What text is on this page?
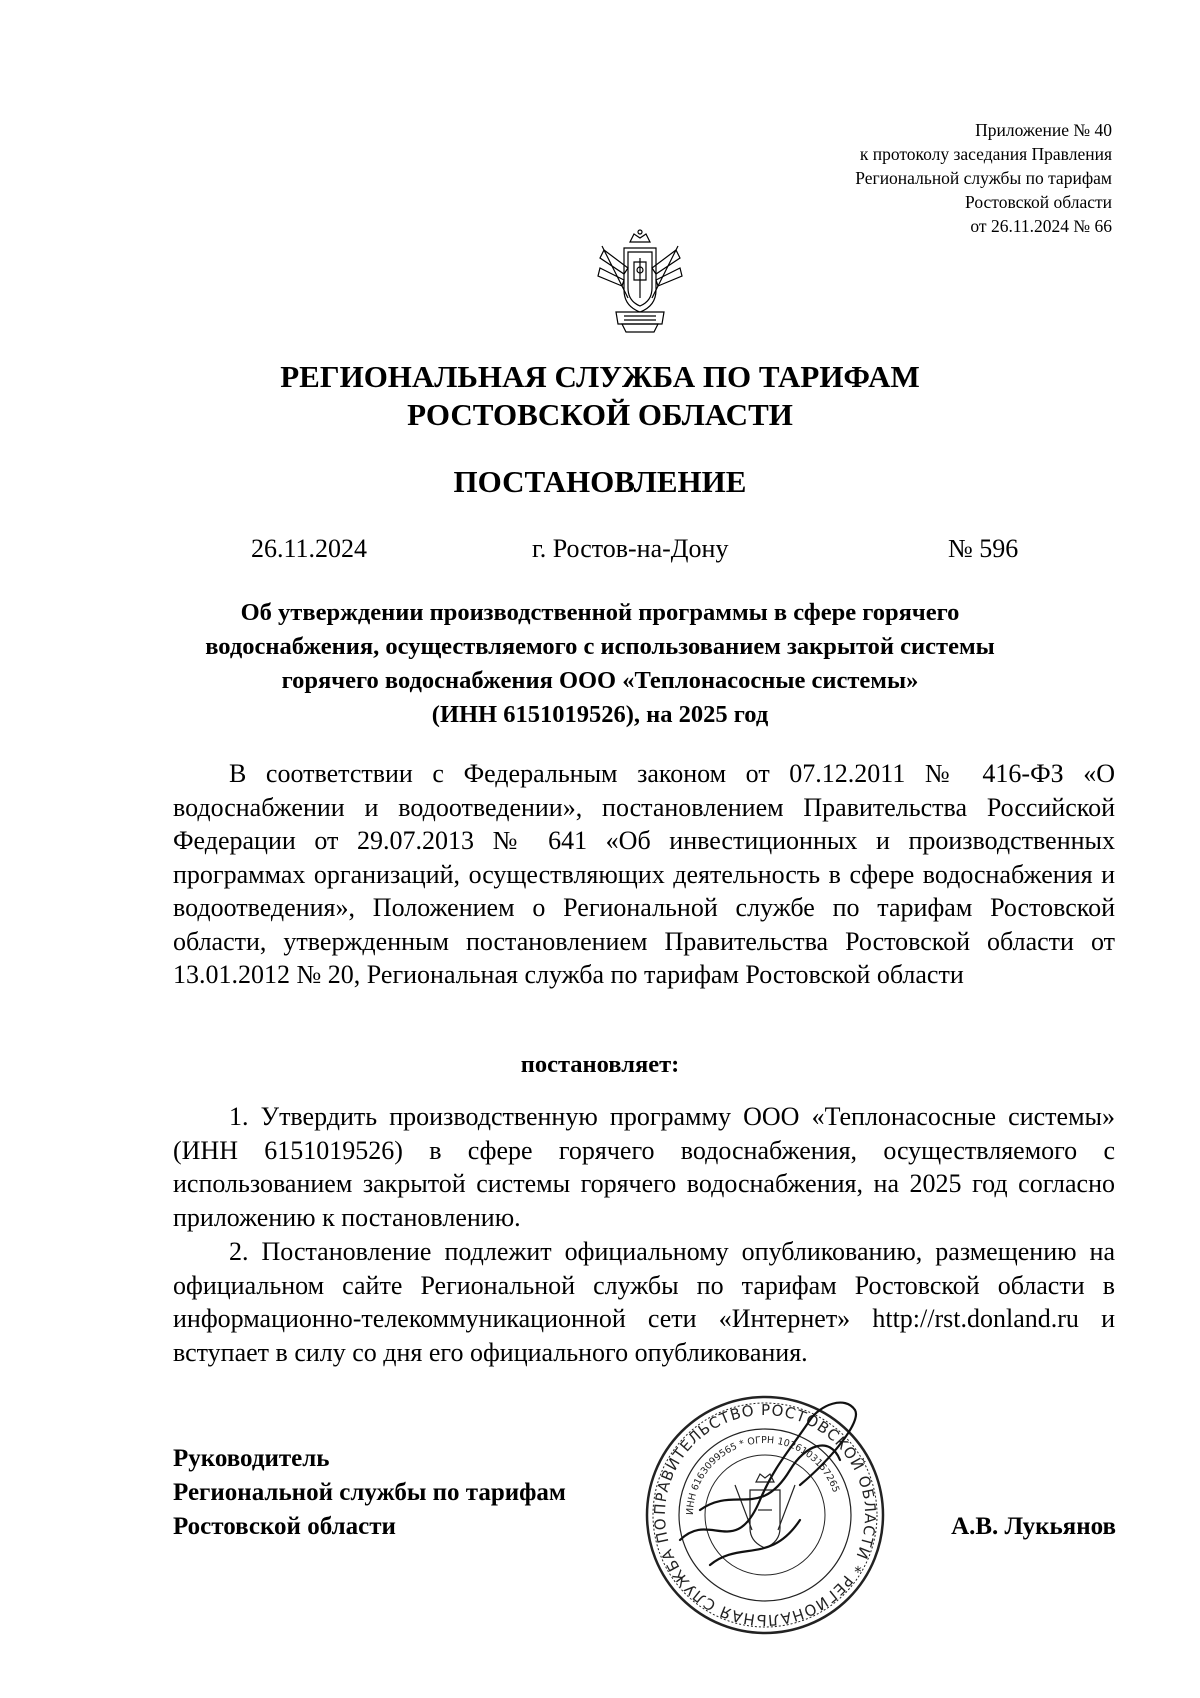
Приложение № 40
к протоколу заседания Правления
Региональной службы по тарифам
Ростовской области
от 26.11.2024 № 66
РЕГИОНАЛЬНАЯ СЛУЖБА ПО ТАРИФАМ
РОСТОВСКОЙ ОБЛАСТИ
ПОСТАНОВЛЕНИЕ
26.11.2024	г. Ростов-на-Дону	№ 596
Об утверждении производственной программы в сфере горячего
водоснабжения, осуществляемого с использованием закрытой системы
горячего водоснабжения ООО «Теплонасосные системы»
(ИНН 6151019526), на 2025 год

В соответствии с Федеральным законом от 07.12.2011 № 416-ФЗ «О водоснабжении и водоотведении», постановлением Правительства Российской Федерации от 29.07.2013 № 641 «Об инвестиционных и производственных программах организаций, осуществляющих деятельность в сфере водоснабжения и водоотведения», Положением о Региональной службе по тарифам Ростовской области, утвержденным постановлением Правительства Ростовской области от 13.01.2012 № 20, Региональная служба по тарифам Ростовской области

постановляет:

1. Утвердить производственную программу ООО «Теплонасосные системы» (ИНН 6151019526) в сфере горячего водоснабжения, осуществляемого с использованием закрытой системы горячего водоснабжения, на 2025 год согласно приложению к постановлению.

2. Постановление подлежит официальному опубликованию, размещению на официальном сайте Региональной службы по тарифам Ростовской области в информационно-телекоммуникационной сети «Интернет» http://rst.donland.ru и вступает в силу со дня его официального опубликования.

Руководитель
Региональной службы по тарифам
Ростовской области
ПРАВИТЕЛЬСТВО РОСТОВСКОЙ ОБЛАСТИ * РЕГИОНАЛЬНАЯ СЛУЖБА ПО
ИНН 6163099565 * ОГРН 1026103157265
А.В. Лукьянов
